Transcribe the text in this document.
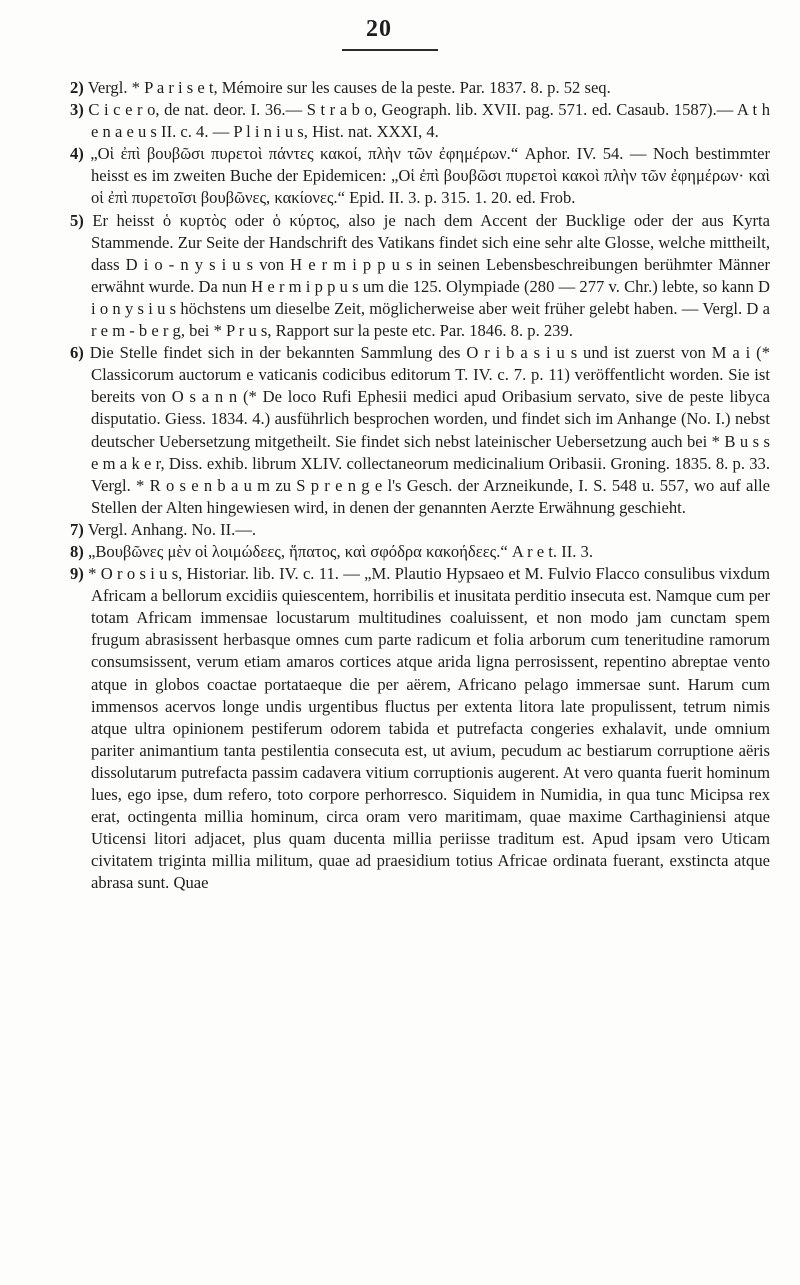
20

2) Vergl. * P a r i s e t, Mémoire sur les causes de la peste. Par. 1837. 8. p. 52 seq.

3) C i c e r o, de nat. deor. I. 36.— S t r a b o, Geograph. lib. XVII. pag. 571. ed. Casaub. 1587).— A t h e n a e u s II. c. 4. — P l i n i u s, Hist. nat. XXXI, 4.

4) „Οἱ ἐπὶ βουβῶσι πυρετοὶ πάντες κακοί, πλὴν τῶν ἐφημέρων.“ Aphor. IV. 54. — Noch bestimmter heisst es im zweiten Buche der Epidemicen: „Οἱ ἐπὶ βουβῶσι πυρετοὶ κακοὶ πλὴν τῶν ἐφημέρων· καὶ οἱ ἐπὶ πυρετοῖσι βουβῶνες, κακίονες.“ Epid. II. 3. p. 315. 1. 20. ed. Frob.

5) Er heisst ὁ κυρτὸς oder ὁ κύρτος, also je nach dem Accent der Bucklige oder der aus Kyrta Stammende. Zur Seite der Handschrift des Vatikans findet sich eine sehr alte Glosse, welche mittheilt, dass D i o - n y s i u s von H e r m i p p u s in seinen Lebensbeschreibungen berühmter Männer erwähnt wurde. Da nun H e r m i p p u s um die 125. Olympiade (280 — 277 v. Chr.) lebte, so kann D i o n y s i u s höchstens um dieselbe Zeit, möglicherweise aber weit früher gelebt haben. — Vergl. D a r e m - b e r g, bei * P r u s, Rapport sur la peste etc. Par. 1846. 8. p. 239.

6) Die Stelle findet sich in der bekannten Sammlung des O r i b a s i u s und ist zuerst von M a i (* Classicorum auctorum e vaticanis codicibus editorum T. IV. c. 7. p. 11) veröffentlicht worden. Sie ist bereits von O s a n n (* De loco Rufi Ephesii medici apud Oribasium servato, sive de peste libyca disputatio. Giess. 1834. 4.) ausführlich besprochen worden, und findet sich im Anhange (No. I.) nebst deutscher Uebersetzung mitgetheilt. Sie findet sich nebst lateinischer Uebersetzung auch bei * B u s s e m a k e r, Diss. exhib. librum XLIV. collectaneorum medicinalium Oribasii. Groning. 1835. 8. p. 33. Vergl. * R o s e n b a u m zu S p r e n g e l's Gesch. der Arzneikunde, I. S. 548 u. 557, wo auf alle Stellen der Alten hingewiesen wird, in denen der genannten Aerzte Erwähnung geschieht.

7) Vergl. Anhang. No. II.—.

8) „Βουβῶνες μὲν οἱ λοιμώδεες, ἥπατος, καὶ σφόδρα κακοήδεες.“ A r e t. II. 3.

9) * O r o s i u s, Historiar. lib. IV. c. 11. — „M. Plautio Hypsaeo et M. Fulvio Flacco consulibus vixdum Africam a bellorum excidiis quiescentem, horribilis et inusitata perditio insecuta est. Namque cum per totam Africam immensae locustarum multitudines coaluissent, et non modo jam cunctam spem frugum abrasissent herbasque omnes cum parte radicum et folia arborum cum teneritudine ramorum consumsissent, verum etiam amaros cortices atque arida ligna perrosissent, repentino abreptae vento atque in globos coactae portataeque die per aërem, Africano pelago immersae sunt. Harum cum immensos acervos longe undis urgentibus fluctus per extenta litora late propulissent, tetrum nimis atque ultra opinionem pestiferum odorem tabida et putrefacta congeries exhalavit, unde omnium pariter animantium tanta pestilentia consecuta est, ut avium, pecudum ac bestiarum corruptione aëris dissolutarum putrefacta passim cadavera vitium corruptionis augerent. At vero quanta fuerit hominum lues, ego ipse, dum refero, toto corpore perhorresco. Siquidem in Numidia, in qua tunc Micipsa rex erat, octingenta millia hominum, circa oram vero maritimam, quae maxime Carthaginiensi atque Uticensi litori adjacet, plus quam ducenta millia periisse traditum est. Apud ipsam vero Uticam civitatem triginta millia militum, quae ad praesidium totius Africae ordinata fuerant, exstincta atque abrasa sunt. Quae
